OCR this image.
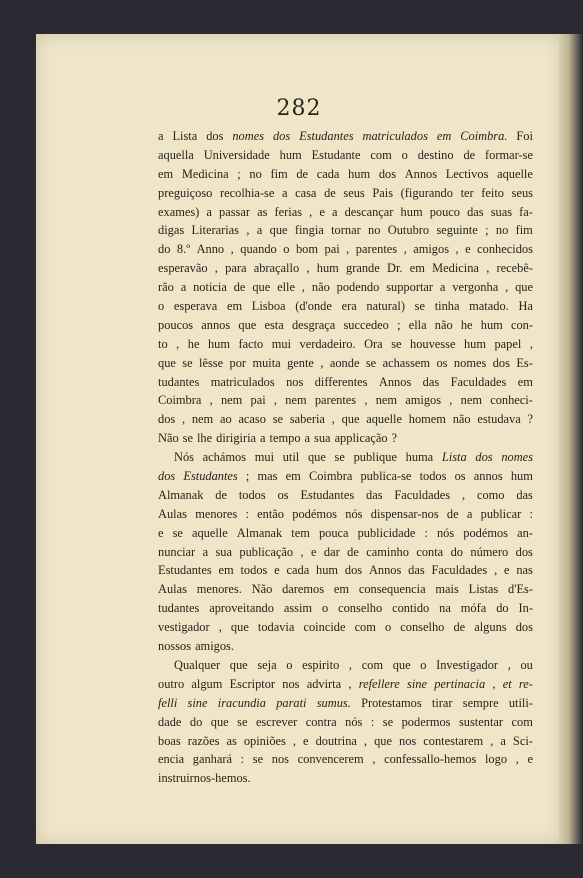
282
a Lista dos nomes dos Estudantes matriculados em Coimbra. Foi
aquella Universidade hum Estudante com o destino de formar-se
em Medicina ; no fim de cada hum dos Annos Lectivos aquelle
preguiçoso recolhia-se a casa de seus Pais (figurando ter feito seus
exames) a passar as ferias , e a descançar hum pouco das suas fa-
digas Literarias , a que fingia tornar no Outubro seguinte ; no fim
do 8.º Anno , quando o bom pai , parentes , amigos , e conhecidos
esperavão , para abraçallo , hum grande Dr. em Medicina , recebê-
rão a noticia de que elle , não podendo supportar a vergonha , que
o esperava em Lisboa (d'onde era natural) se tinha matado. Ha
poucos annos que esta desgraça succedeo ; ella não he hum con-
to , he hum facto mui verdadeiro. Ora se houvesse hum papel ,
que se lêsse por muita gente , aonde se achassem os nomes dos Es-
tudantes matriculados nos differentes Annos das Faculdades em
Coimbra , nem pai , nem parentes , nem amigos , nem conheci-
dos , nem ao acaso se saberia , que aquelle homem não estudava ?
Não se lhe dirigiria a tempo a sua applicação ?
Nós achámos mui util que se publique huma Lista dos nomes
dos Estudantes ; mas em Coimbra publica-se todos os annos hum
Almanak de todos os Estudantes das Faculdades , como das
Aulas menores : então podémos nós dispensar-nos de a publicar :
e se aquelle Almanak tem pouca publicidade : nós podémos an-
nunciar a sua publicação , e dar de caminho conta do número dos
Estudantes em todos e cada hum dos Annos das Faculdades , e nas
Aulas menores. Não daremos em consequencia mais Listas d'Es-
tudantes aproveitando assim o conselho contido na mófa do In-
vestigador , que todavia coincide com o conselho de alguns dos
nossos amigos.
Qualquer que seja o espirito , com que o Investigador , ou
outro algum Escriptor nos advirta , refellere sine pertinacia , et re-
felli sine iracundia parati sumus. Protestamos tirar sempre utili-
dade do que se escrever contra nós : se podermos sustentar com
boas razões as opiniões , e doutrina , que nos contestarem , a Sci-
encia ganhará : se nos convencerem , confessallo-hemos logo , e
instruirnos-hemos.
